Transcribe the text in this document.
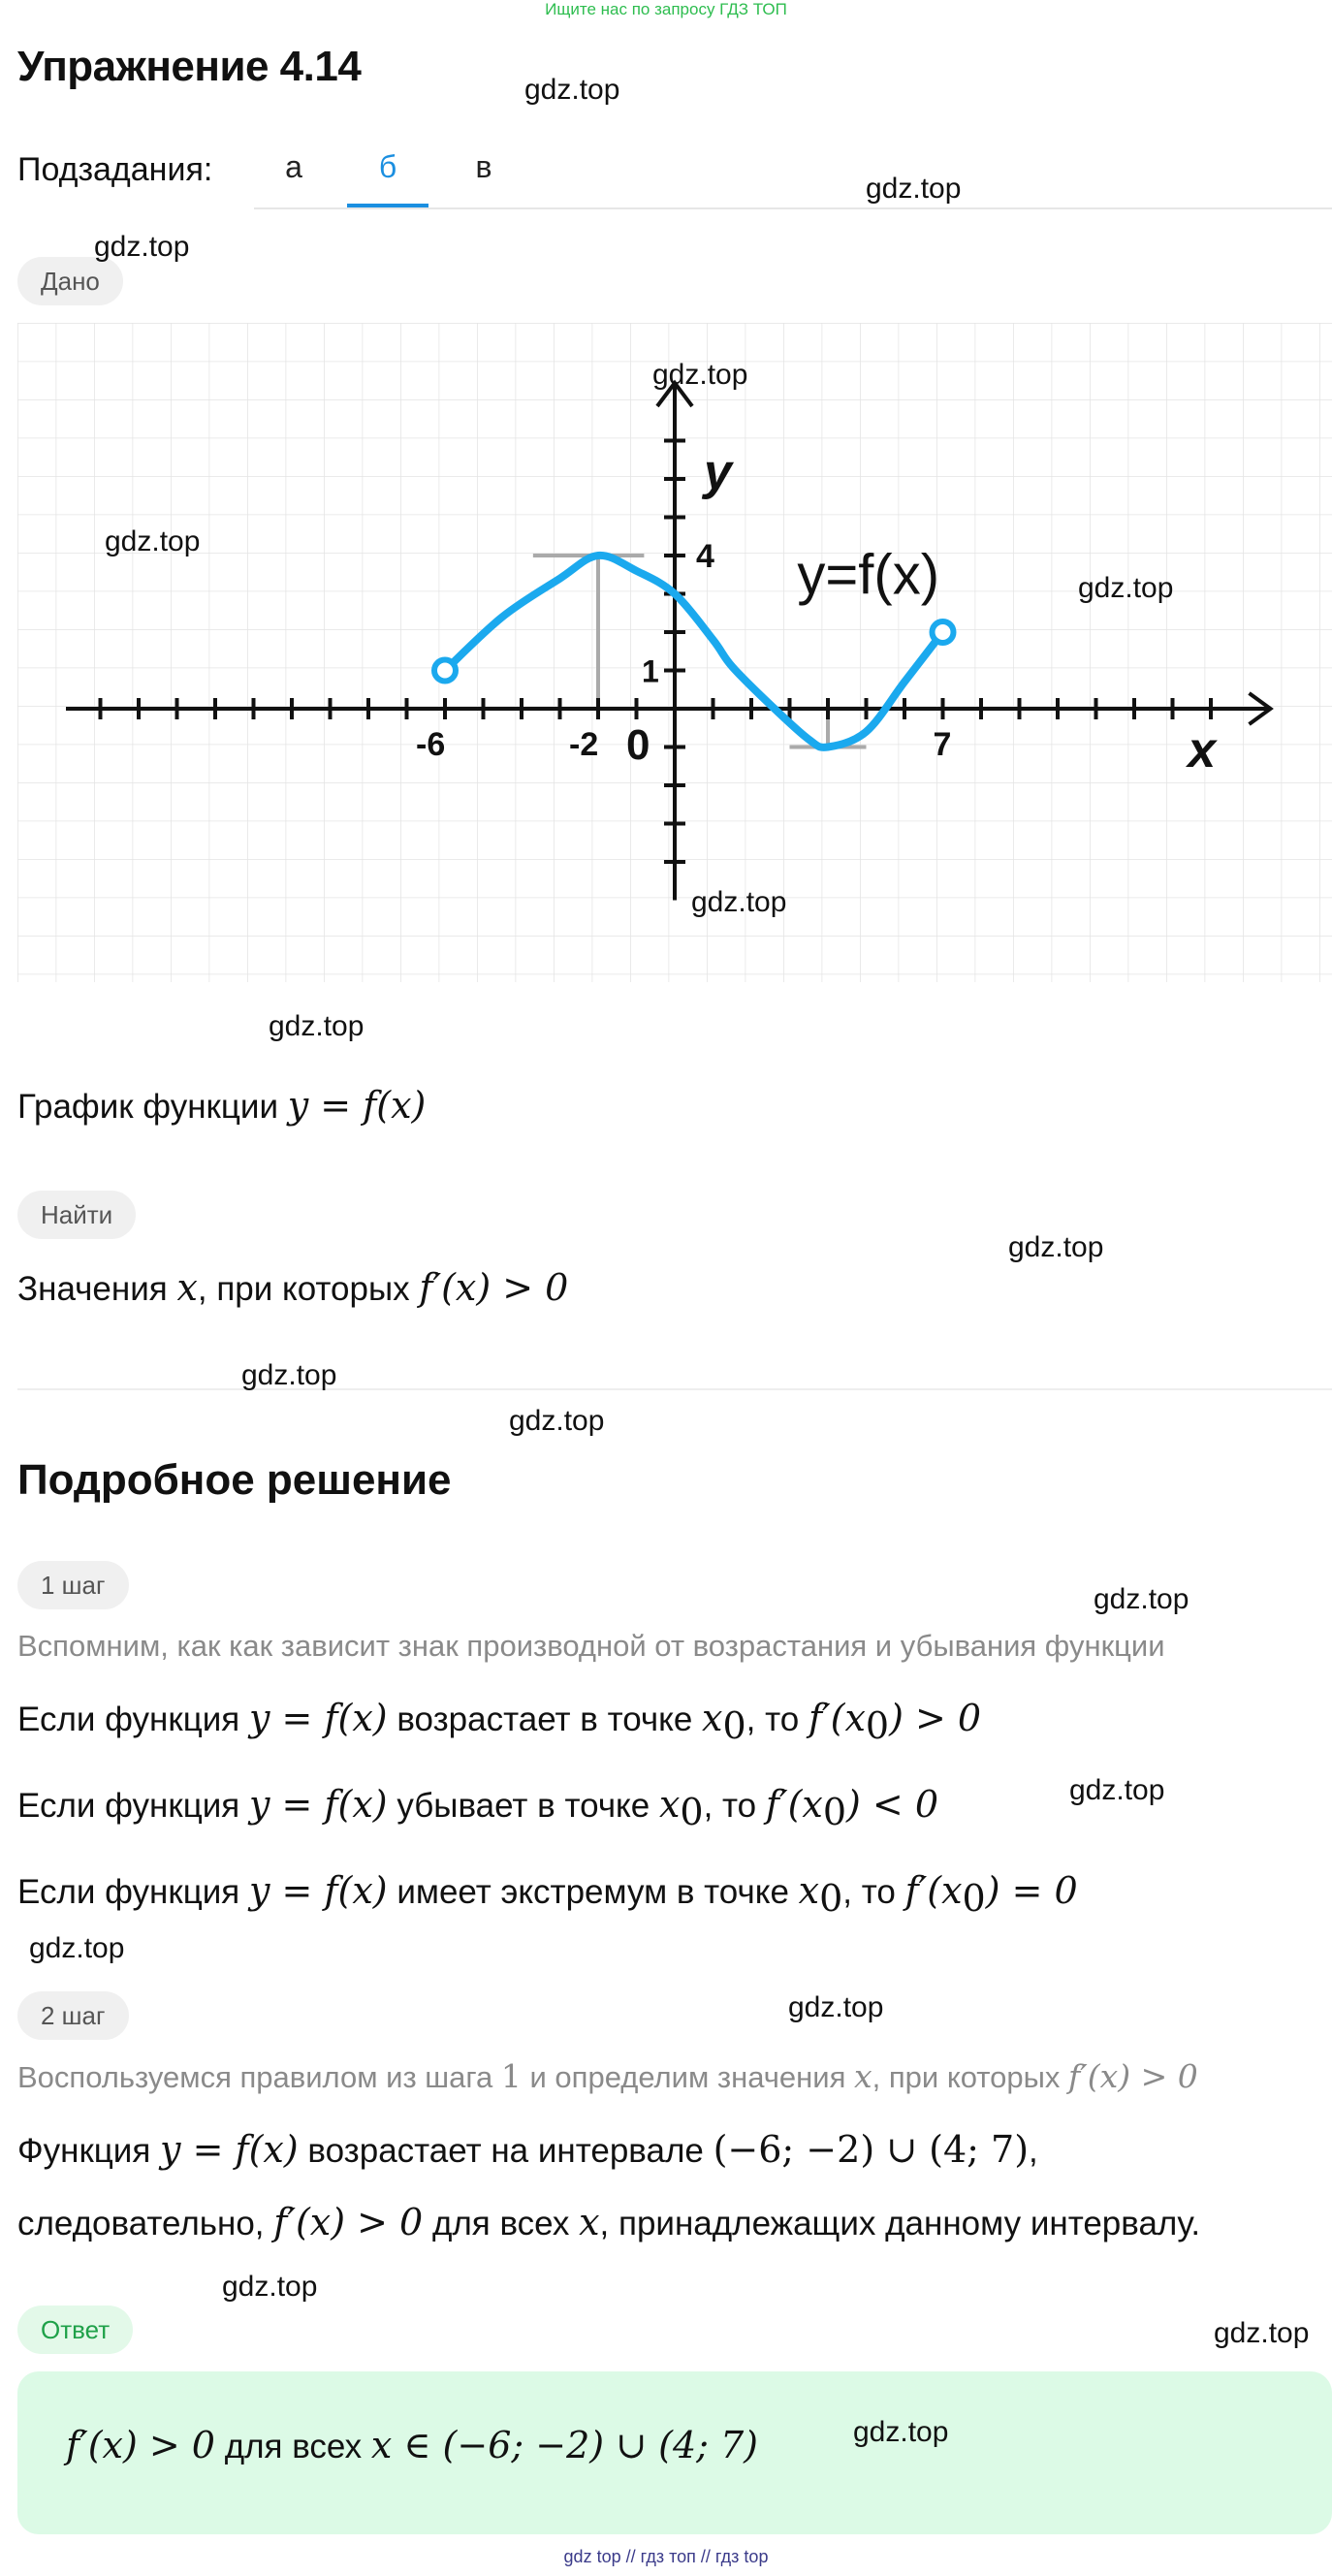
Ищите нас по запросу ГДЗ ТОП
Упражнение 4.14
Подзадания:	а	б	в
Дано
-6	-2 0	7
4
1
y
x
y=f(x)
График функции y = f(x)
Найти
Значения x, при которых f′(x) > 0
Подробное решение
1 шаг
Вспомним, как как зависит знак производной от возрастания и убывания функции
Если функция y = f(x) возрастает в точке $x_0$, то $f'(x_0) > 0$
Если функция y = f(x) убывает в точке $x_0$, то $f'(x_0) < 0$
Если функция y = f(x) имеет экстремум в точке $x_0$, то $f'(x_0) = 0$
2 шаг
Воспользуемся правилом из шага 1 и определим значения x, при которых f′(x) > 0
Функция y = f(x) возрастает на интервале (−6; −2) ∪ (4; 7),
следовательно, f′(x) > 0 для всех x, принадлежащих данному интервалу.
Ответ
f′(x) > 0 для всех x ∈ (−6; −2) ∪ (4; 7)
gdz.top
gdz.top
gdz.top
gdz.top
gdz.top
gdz.top
gdz.top
gdz.top
gdz.top
gdz.top
gdz.top
gdz.top
gdz.top
gdz.top
gdz.top
gdz.top
gdz.top
gdz.top
gdz top // гдз топ // гдз top
